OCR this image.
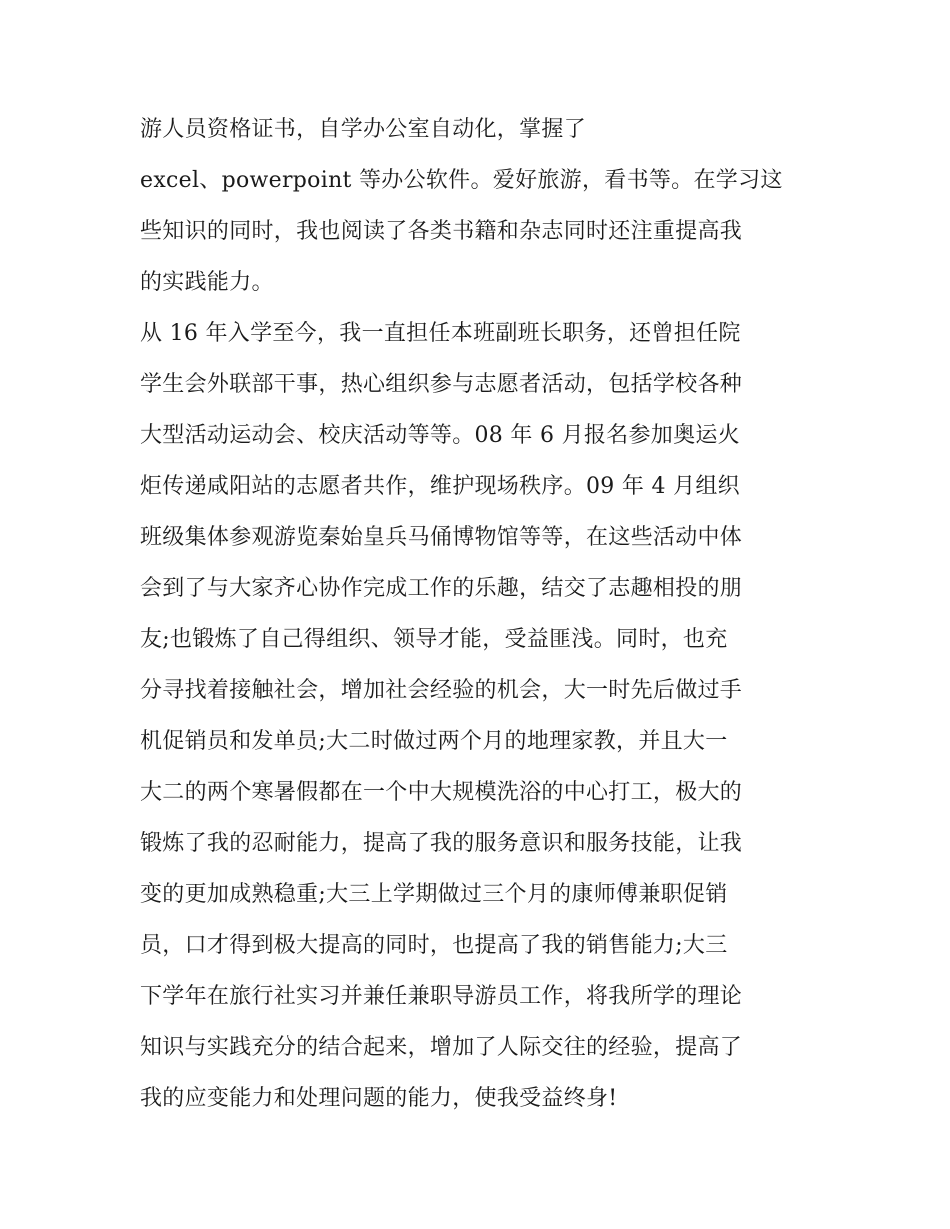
游人员资格证书，自学办公室自动化，掌握了
excel、powerpoint 等办公软件。爱好旅游，看书等。在学习这
些知识的同时，我也阅读了各类书籍和杂志同时还注重提高我
的实践能力。
从 16 年入学至今，我一直担任本班副班长职务，还曾担任院
学生会外联部干事，热心组织参与志愿者活动，包括学校各种
大型活动运动会、校庆活动等等。08 年 6 月报名参加奥运火
炬传递咸阳站的志愿者共作，维护现场秩序。09 年 4 月组织
班级集体参观游览秦始皇兵马俑博物馆等等，在这些活动中体
会到了与大家齐心协作完成工作的乐趣，结交了志趣相投的朋
友;也锻炼了自己得组织、领导才能，受益匪浅。同时，也充
分寻找着接触社会，增加社会经验的机会，大一时先后做过手
机促销员和发单员;大二时做过两个月的地理家教，并且大一
大二的两个寒暑假都在一个中大规模洗浴的中心打工，极大的
锻炼了我的忍耐能力，提高了我的服务意识和服务技能，让我
变的更加成熟稳重;大三上学期做过三个月的康师傅兼职促销
员，口才得到极大提高的同时，也提高了我的销售能力;大三
下学年在旅行社实习并兼任兼职导游员工作，将我所学的理论
知识与实践充分的结合起来，增加了人际交往的经验，提高了
我的应变能力和处理问题的能力，使我受益终身!
